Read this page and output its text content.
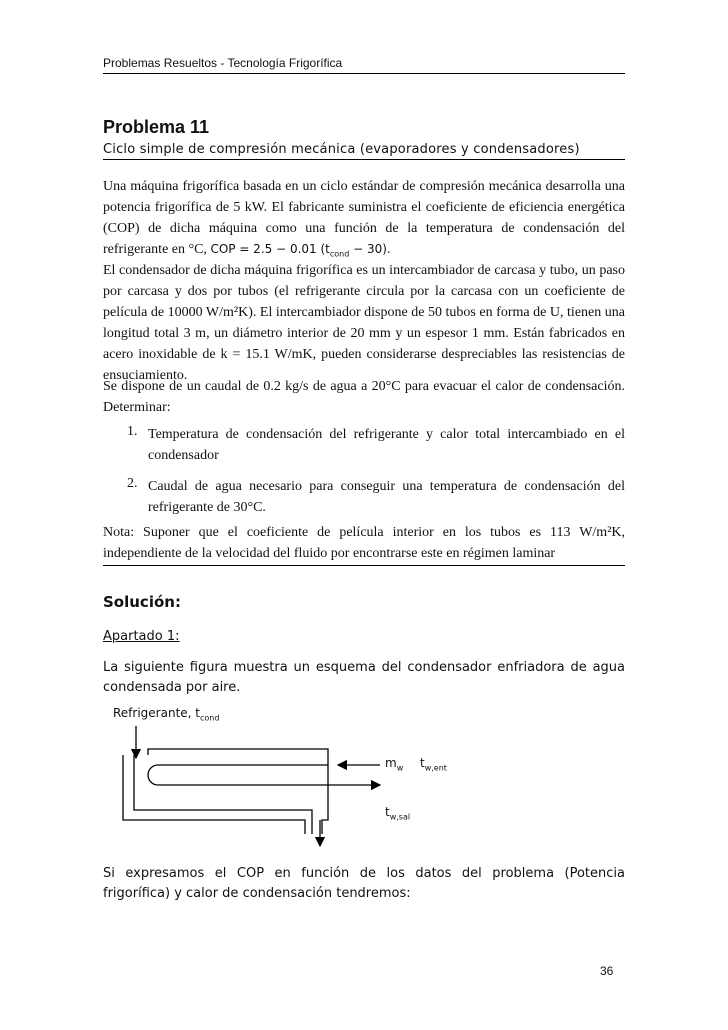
Problemas Resueltos - Tecnología Frigorífica
Problema 11
Ciclo simple de compresión mecánica (evaporadores y condensadores)
Una máquina frigorífica basada en un ciclo estándar de compresión mecánica desarrolla una potencia frigorífica de 5 kW. El fabricante suministra el coeficiente de eficiencia energética (COP) de dicha máquina como una función de la temperatura de condensación del refrigerante en °C, COP = 2.5 − 0.01 $(t_{cond} - 30)$.
El condensador de dicha máquina frigorífica es un intercambiador de carcasa y tubo, un paso por carcasa y dos por tubos (el refrigerante circula por la carcasa con un coeficiente de película de 10000 W/m²K). El intercambiador dispone de 50 tubos en forma de U, tienen una longitud total 3 m, un diámetro interior de 20 mm y un espesor 1 mm. Están fabricados en acero inoxidable de k = 15.1 W/mK, pueden considerarse despreciables las resistencias de ensuciamiento.
Se dispone de un caudal de 0.2 kg/s de agua a 20°C para evacuar el calor de condensación. Determinar:
1. Temperatura de condensación del refrigerante y calor total intercambiado en el condensador
2. Caudal de agua necesario para conseguir una temperatura de condensación del refrigerante de 30°C.
Nota: Suponer que el coeficiente de película interior en los tubos es 113 W/m²K, independiente de la velocidad del fluido por encontrarse este en régimen laminar
Solución:
Apartado 1:
La siguiente figura muestra un esquema del condensador enfriadora de agua condensada por aire.
Refrigerante, $t_{cond}$
$m_w$ $t_{w,ent}$
$t_{w,sal}$
Si expresamos el COP en función de los datos del problema (Potencia frigorífica) y calor de condensación tendremos:
36
